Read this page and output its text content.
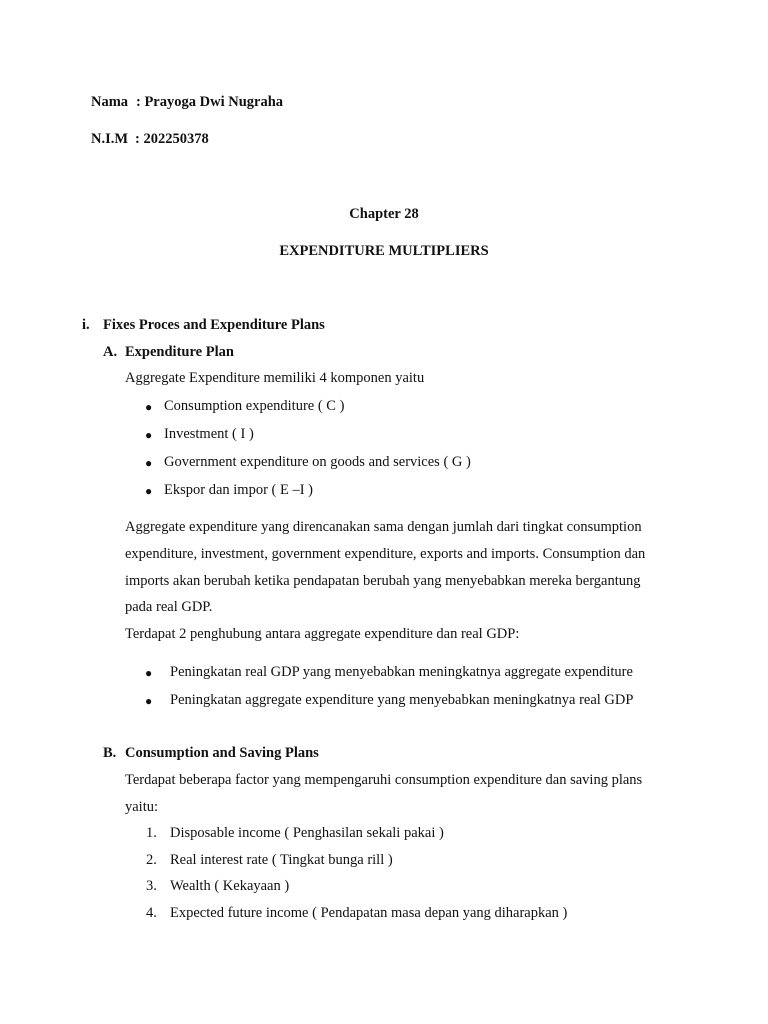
Nama : Prayoga Dwi Nugraha
N.I.M : 202250378
Chapter 28
EXPENDITURE MULTIPLIERS
i. Fixes Proces and Expenditure Plans
A. Expenditure Plan
Aggregate Expenditure memiliki 4 komponen yaitu
● Consumption expenditure ( C )
● Investment ( I )
● Government expenditure on goods and services ( G )
● Ekspor dan impor ( E –I )
Aggregate expenditure yang direncanakan sama dengan jumlah dari tingkat consumption
expenditure, investment, government expenditure, exports and imports. Consumption dan
imports akan berubah ketika pendapatan berubah yang menyebabkan mereka bergantung
pada real GDP.
Terdapat 2 penghubung antara aggregate expenditure dan real GDP:
● Peningkatan real GDP yang menyebabkan meningkatnya aggregate expenditure
● Peningkatan aggregate expenditure yang menyebabkan meningkatnya real GDP
B. Consumption and Saving Plans
Terdapat beberapa factor yang mempengaruhi consumption expenditure dan saving plans
yaitu:
1. Disposable income ( Penghasilan sekali pakai )
2. Real interest rate ( Tingkat bunga rill )
3. Wealth ( Kekayaan )
4. Expected future income ( Pendapatan masa depan yang diharapkan )
